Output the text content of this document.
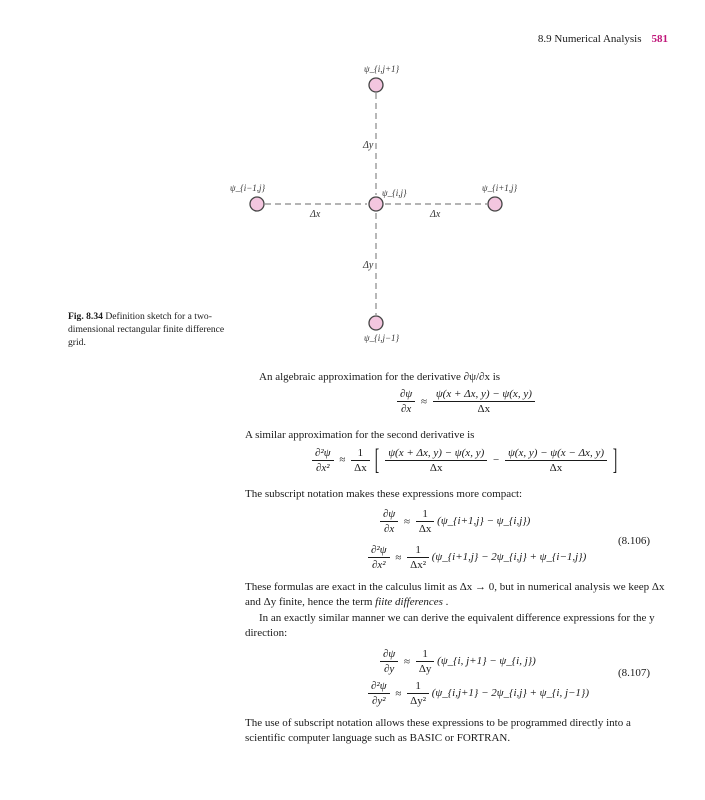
8.9 Numerical Analysis 581
ψ_{i,j+1}
ψ_{i−1,j}	ψ_{i,j}	ψ_{i+1,j}
ψ_{i,j−1}
Δx	Δx
Δy
Δy
Fig. 8.34 Definition sketch for a two-dimensional rectangular finite difference grid.
An algebraic approximation for the derivative ∂ψ/∂x is
$\frac{\partial\psi}{\partial x} \approx \frac{\psi(x + \Delta x, y) - \psi(x, y)}{\Delta x}$
A similar approximation for the second derivative is
$\frac{\text{∂²ψ}}{\text{∂x²}} \approx \frac{1}{\Delta x}$ [ $\frac{\psi(x + \Delta x, y) - \psi(x, y)}{\Delta x} - \frac{\psi(x, y) - \psi(x - \Delta x, y)}{\Delta x}$ ]
The subscript notation makes these expressions more compact:
$\frac{\partial\psi}{\partial x} \approx \frac{1}{\Delta x}$ (ψ_{i+1,j} − ψ_{i,j})
$\frac{\text{∂²ψ}}{\text{∂x²}} \approx \frac{1}{\text{Δx²}}$ (ψ_{i+1,j} − 2ψ_{i,j} + ψ_{i−1,j})
(8.106)
These formulas are exact in the calculus limit as Δx → 0, but in numerical analysis we keep Δx and Δy finite, hence the term fiite differences .
In an exactly similar manner we can derive the equivalent difference expressions for the y direction:
$\frac{\partial\psi}{\partial y} \approx \frac{1}{\Delta y}$ (ψ_{i, j+1} − ψ_{i, j})
$\frac{\text{∂²ψ}}{\text{∂y²}} \approx \frac{1}{\text{Δy²}}$ (ψ_{i,j+1} − 2ψ_{i,j} + ψ_{i, j−1})
(8.107)
The use of subscript notation allows these expressions to be programmed directly into a scientific computer language such as BASIC or FORTRAN.
